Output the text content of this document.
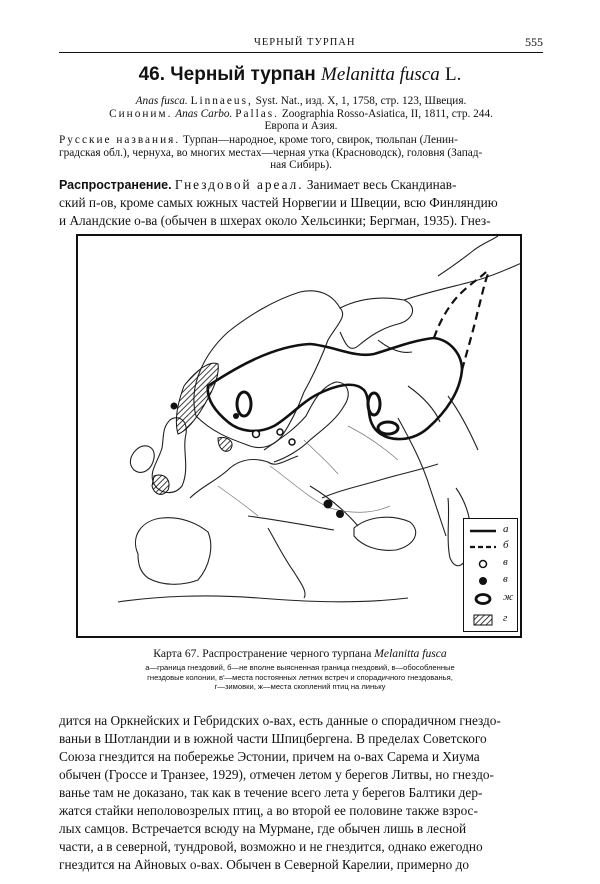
ЧЕРНЫЙ ТУРПАН	555
46. Черный турпан Melanitta fusca L.
Anas fusca. Linnaeus, Syst. Nat., изд. X, 1, 1758, стр. 123, Швеция.
Синоним. Anas Carbo. Pallas. Zoographia Rosso-Asiatica, II, 1811, стр. 244.
Европа и Азия.
Русские названия. Турпан—народное, кроме того, свирок, тюльпан (Ленин-
градская обл.), чернуха, во многих местах—черная утка (Красноводск), головня (Запад-
ная Сибирь).
Распространение. Гнездовой ареал. Занимает весь Скандинав-
ский п-ов, кроме самых южных частей Норвегии и Швеции, всю Финляндию
и Аландские о-ва (обычен в шхерах около Хельсинки; Бергман, 1935). Гнез-
а
б
в
в
ж
г
Карта 67. Распространение черного турпана Melanitta fusca
а—граница гнездовий, б—не вполне выясненная граница гнездовий, в—обособленные
гнездовые колонии, в'—места постоянных летних встреч и спорадичного гнездованья,
г—зимовки, ж—места скоплений птиц на линьку
дится на Оркнейских и Гебридских о-вах, есть данные о спорадичном гнездо-
ваньи в Шотландии и в южной части Шпицбергена. В пределах Советского
Союза гнездится на побережье Эстонии, причем на о-вах Сарема и Хиума
обычен (Гроссе и Транзее, 1929), отмечен летом у берегов Литвы, но гнездо-
ванье там не доказано, так как в течение всего лета у берегов Балтики дер-
жатся стайки неполовозрелых птиц, а во второй ее половине также взрос-
лых самцов. Встречается всюду на Мурмане, где обычен лишь в лесной
части, а в северной, тундровой, возможно и не гнездится, однако ежегодно
гнездится на Айновых о-вах. Обычен в Северной Карелии, примерно до
